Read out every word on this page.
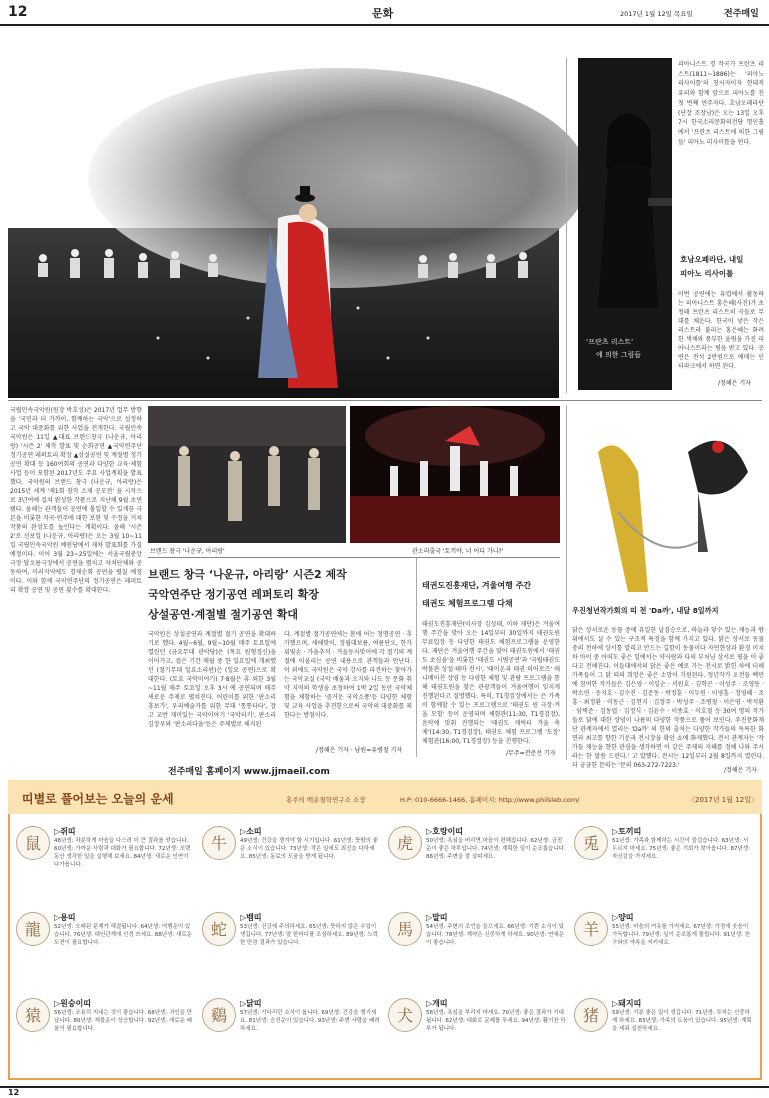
12	문화	2017년 1월 12일 목요일	전주매일
피아니스트 경 작곡가 프란츠 리스트(1811~1886)는 '피아노 리사이틀'의 창시자이자 현대적 유리와 함께 앞으로 피아노를 친 첫 번째 연주자다. 호남오페라단(단장 조장남)은 오는 13일 오후 7시 한국소리문화의전당 명인홀에서 '프란츠 리스트에 의한 그림들' 피아노 리사이틀을 연다.
‘프란츠 리스트’
에 의한 그림들
호남오페라단, 내일
피아노 리사이틀
이번 공연에는 유럽에서 활동하는 피아니스트 홍은혜(사진)가 초청돼 프란츠 리스트의 곡들로 무대를 채운다. 한국이 낳은 작은 리스트라 불리는 홍은혜는 화려한 색채와 풍부한 울림을 가진 피아니스트라는 평을 받고 있다. 공연은 전석 2만원으로 예매는 인터파크에서 하면 된다.
/정해은 기자
국립민속국악원(원장 박호성)은 2017년 업무 방향을 '국민과 더 가까이, 함께하는 국악'으로 설정하고 국악 대중화를 위한 사업을 전개한다. 국립민속국악원은 11일 ▲대표 브랜드창극 (나운규, 아리랑) '시즌 2' 제작 발표 및 순회공연 ▲국악연주단 정기공연 레퍼토리 확장 ▲상설공연 및 계절별 정기공연 확대 등 160여회의 공연과 다양한 교육·체험 사업 등이 포함된 2017년도 주요 사업계획을 발표했다. 국악원의 브랜드 창극 (나운규, 아리랑)은 2015년 세계 '제1회 창작 소재 공모전' 을 시작으로 3년여에 걸쳐 완성한 작품으로 지난해 9월 초연됐다. 올해는 관객들이 공연에 몰입할 수 있게끔 극본을 비롯한 작곡·연주에 대한 보완 및 수정을 거쳐 작품의 완성도를 높인다는 계획이다. 올해 '시즌 2'로 선보일 (나운규, 아리랑)은 오는 3월 10~11일 국립민속국악원 예원당에서 재차 발표회를 가질 예정이다. 이어 3월 23~25일에는 서울국립중앙극장 달오름극장에서 공연을 펼치고 자치단체와 공동하여, 이러지역에도 경제순회 공연을 펼칠 예정이다. 이와 함께 국악연주단의 정기공연은 레퍼토리 확장 공연 및 공연 횟수를 확대한다.
브랜드 창극 '나운규, 아리랑'	관소리출국 '토끼야, 너 어디 가니?'
브랜드 창극 ‘나운규, 아리랑’ 시즌2 제작
국악연주단 정기공연 레퍼토리 확장
상설공연·계절별 절기공연 확대
국악원은 상설공연과 계절별 절기 공연을 확대하기로 했다. 4월~6월, 9월~10월 매주 토요일에 열린던 (금요무대 관악당)은 (목요 원형정신)을 이어가고, 절은 기간 매월 중 한 일요일에 개최했던 (절기무대 일요소리판)은 (일요 공연)으로 확대한다. (토요 국악이야기) 7·8월은 휴 외한 3월~11월 매주 토요일 오후 3시 에 공연되며 매주 새로운 주제로 펼쳐진다. 어린이를 위한 '판소리 흥보가', 우리예술가를 위한 무대 '통통타타', 장고 교반 재미있는 국악이야기 '국악터키', 판소리 김장우와 '판소리다웁'등은 주제별로 해지된
다. 계절별 절기공연에는 봄에 어는 청명공연 · 추가했으며, 새해맞이, 정월대보름, 여름단오, 한가위빛손 · 가을추석 · 겨울동지맞이에 각 절기의 계절에 어울리는 공연 내용으로 관객들과 만난다. 이 외에도 국악원은 국악 강사를 파견하는 찾아가는 국악교실 (국악 배움과 오지와 나도 등 문화 취약 지역의 학생을 초청하여 1박 2일 동안 국악체험을 체험하는 '즐거운 국악소풍'등 다양한 체험 및 교육 사업을 추진한으로써 국악의 대중화를 꾀한다는 방침이다.
/정해은 기자 · 남원=유병철 기자
전주매일 홈페이지 www.jjmaeil.com
태권도진흥재단, 겨울여행 주간
태권도 체험프로그램 다채
태권도진흥재단(이사장 김성태, 이하 재단)은 겨울여행 주간을 맞아 오는 14일부터 30일까지 태권도원 무료입장 등 다양한 태권도 체험프로그램을 운영한다. 재단은 겨울여행 주간을 맞아 태권도원에서 '태권도 초심을'을 비롯한 '태권도 시범공연'과 '국립태권도박물관 상설·테마 전시', '태이온과 태권 히어로즈' 애니메이션 상영 등 다양한 체험 및 관람 프로그램을 통해 태권도원을 찾은 관광객들이 겨울여행이 잊지게 진행된다고 설명했다. 특히, T1경검장에서는 은 가족이 함께할 수 있는 프로그램으로 '태권도 원 극장·겨울 모험' 등이 운영되며 체험관(11:30, T1경검장), 음악에 맞춰 진행되는 '태권도 캐릭터 겨울 축제'(14:30, T1경검장), 태권도 체험 프로그램 '도장' 체험관(16:00, T1경검장) 등을 진행한다.
/무주=전준선 기자
우진청년작가회의 띠 전 'Da까', 내달 8일까지
닭은 상서로운 동물 중에 유일한 날짐승으로, 하늘과 닿수 있는 재능과 땅 위에서도 살 수 있는 구조적 특징을 함께 가지고 있다. 닭은 상서로 동물 중의 천하에 상서를 알리고 안드는 길함이 동물이다 자연현상과 환경 이치하 아이 중 어떠도 좋은 일에서는 약사람과 다의 부처님 상서로 평을 이 좋다고 전해진다. 이들대에서의 닭은 좋은 예로 가는 전시로 밝힌 차에 더해 가족들이 그 닭 띠의 희망은 좋은 소망이 기원된다. 청년작가 오전들 백만에 참여한 작가들은 김은영 · 이일순 · 서원호 · 김학곤 · 이성주 · 조영동 · 박소연 · 송지호 · 김수진 · 김준동 · 박정훈 · 이두원 · 이영훈 · 정영혜 · 조흥 · 최정환 · 이동근 · 김현지 · 김정주 · 박성주 · 조병철 · 이은영 · 박석환 · 임택준 · 김동엽 · 김정식 · 김윤수 · 이종효 · 이호철 등 30여 명의 작가들로 닭에 대한 상념이 나름의 다양한 작품으로 풀어 보인다. 우진문화재단 관계자에서 열리는 'Da까' 의 한의 출처는 다양한 작가들의 독특한 화면과 최고를 향한 기운과 전시장을 확인 쇼에 화제했다. 전시 관계자는 '작가들 재능을 향한 관심을 생각하면 이 같은 주제의 지혜를 정해 나와 주시라는 한 말씀 드린다.' 고 말했다. 전시는 12일부터 2월 8일까지 열린다. 더 궁금한 문의는 '문의 063-272-7223.'
/정해은 기자
띠별로 풀어보는 오늘의 운세	홍주의 백운철학연구소 소장	H.P: 010-6666-1466, 홈페이지: http://www.philsleb.com/	〈2017년 1월 12일〉
鼠
▷쥐띠
48년생: 차분하게 마음을 다스려 더 큰 결과를 얻습니다. 60년생: 가까운 사람과 대화가 필요합니다. 72년생: 오랫동안 생각한 일을 실행해 보세요. 84년생: 새로운 인연이 다가옵니다.
牛
▷소띠
49년생: 건강을 챙겨야 할 시기입니다. 61년생: 뜻밖의 좋은 소식이 있습니다. 73년생: 작은 일에도 최선을 다하세요. 85년생: 동료의 도움을 받게 됩니다.
虎
▷호랑이띠
50년생: 욕심을 버리면 마음이 편해집니다. 62년생: 금전운이 좋은 하루입니다. 74년생: 계획한 일이 순조롭습니다. 86년생: 주변을 잘 살피세요.
兎
▷토끼띠
51년생: 가족과 함께하는 시간이 즐겁습니다. 63년생: 서두르지 마세요. 75년생: 좋은 기회가 찾아옵니다. 87년생: 자신감을 가지세요.
龍
▷용띠
52년생: 오래된 문제가 해결됩니다. 64년생: 여행운이 있습니다. 76년생: 대인관계에 신경 쓰세요. 88년생: 새로운 도전이 필요합니다.
蛇
▷뱀띠
53년생: 건강에 주의하세요. 65년생: 뜻하지 않은 수입이 생깁니다. 77년생: 말 한마디를 조심하세요. 89년생: 노력한 만큼 결과가 있습니다.
馬
▷말띠
54년생: 주변의 조언을 들으세요. 66년생: 기쁜 소식이 있습니다. 78년생: 계약은 신중하게 하세요. 90년생: 연애운이 좋습니다.
羊
▷양띠
55년생: 마음의 여유를 가지세요. 67년생: 가정에 웃음이 가득합니다. 79년생: 일이 순조롭게 풀립니다. 91년생: 친구와의 약속을 지키세요.
猿
▷원숭이띠
56년생: 조용히 지내는 것이 좋습니다. 68년생: 귀인을 만납니다. 80년생: 재물운이 상승합니다. 92년생: 새로운 배움이 필요합니다.
鷄
▷닭띠
57년생: 기다리던 소식이 옵니다. 69년생: 건강을 챙기세요. 81년생: 승진운이 있습니다. 93년생: 주변 사람을 배려하세요.
犬
▷개띠
58년생: 욕심을 부리지 마세요. 70년생: 좋은 결과가 기대됩니다. 82년생: 대화로 문제를 푸세요. 94년생: 활기찬 하루가 됩니다.
猪
▷돼지띠
59년생: 기분 좋은 일이 생깁니다. 71년생: 투자는 신중하게 하세요. 83년생: 가족의 도움이 있습니다. 95년생: 계획을 세워 실천하세요.
12
